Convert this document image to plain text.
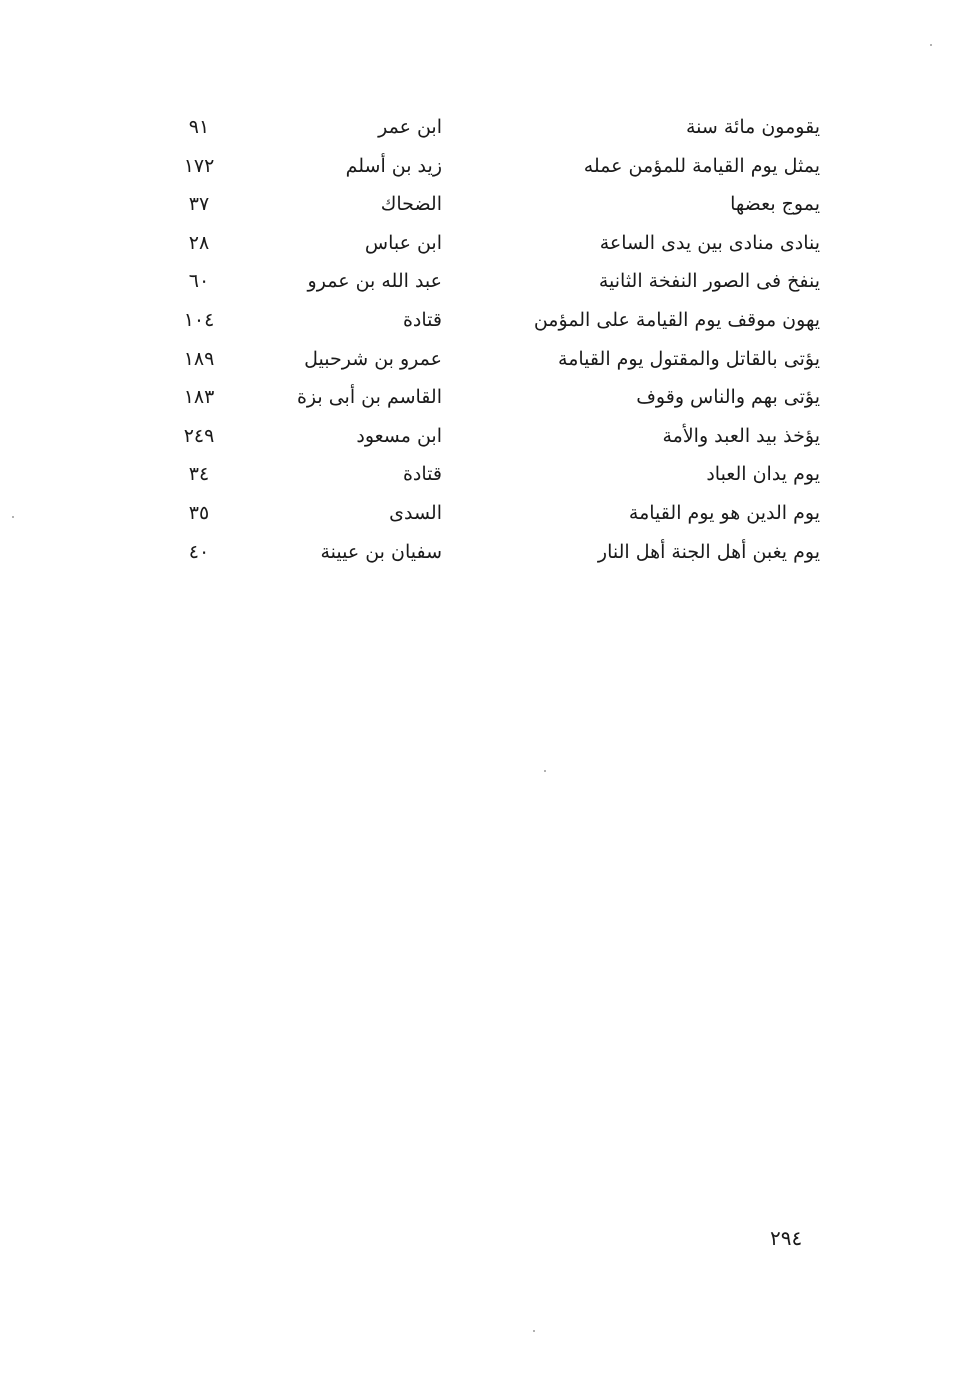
يقومون مائة سنة
ابن عمر
٩١
يمثل يوم القيامة للمؤمن عمله
زيد بن أسلم
١٧٢
يموج بعضها
الضحاك
٣٧
ينادى منادى بين يدى الساعة
ابن عباس
٢٨
ينفخ فى الصور النفخة الثانية
عبد الله بن عمرو
٦٠
يهون موقف يوم القيامة على المؤمن
قتادة
١٠٤
يؤتى بالقاتل والمقتول يوم القيامة
عمرو بن شرحبيل
١٨٩
يؤتى بهم والناس وقوف
القاسم بن أبى بزة
١٨٣
يؤخذ بيد العبد والأمة
ابن مسعود
٢٤٩
يوم يدان العباد
قتادة
٣٤
يوم الدين هو يوم القيامة
السدى
٣٥
يوم يغبن أهل الجنة أهل النار
سفيان بن عيينة
٤٠
٢٩٤
